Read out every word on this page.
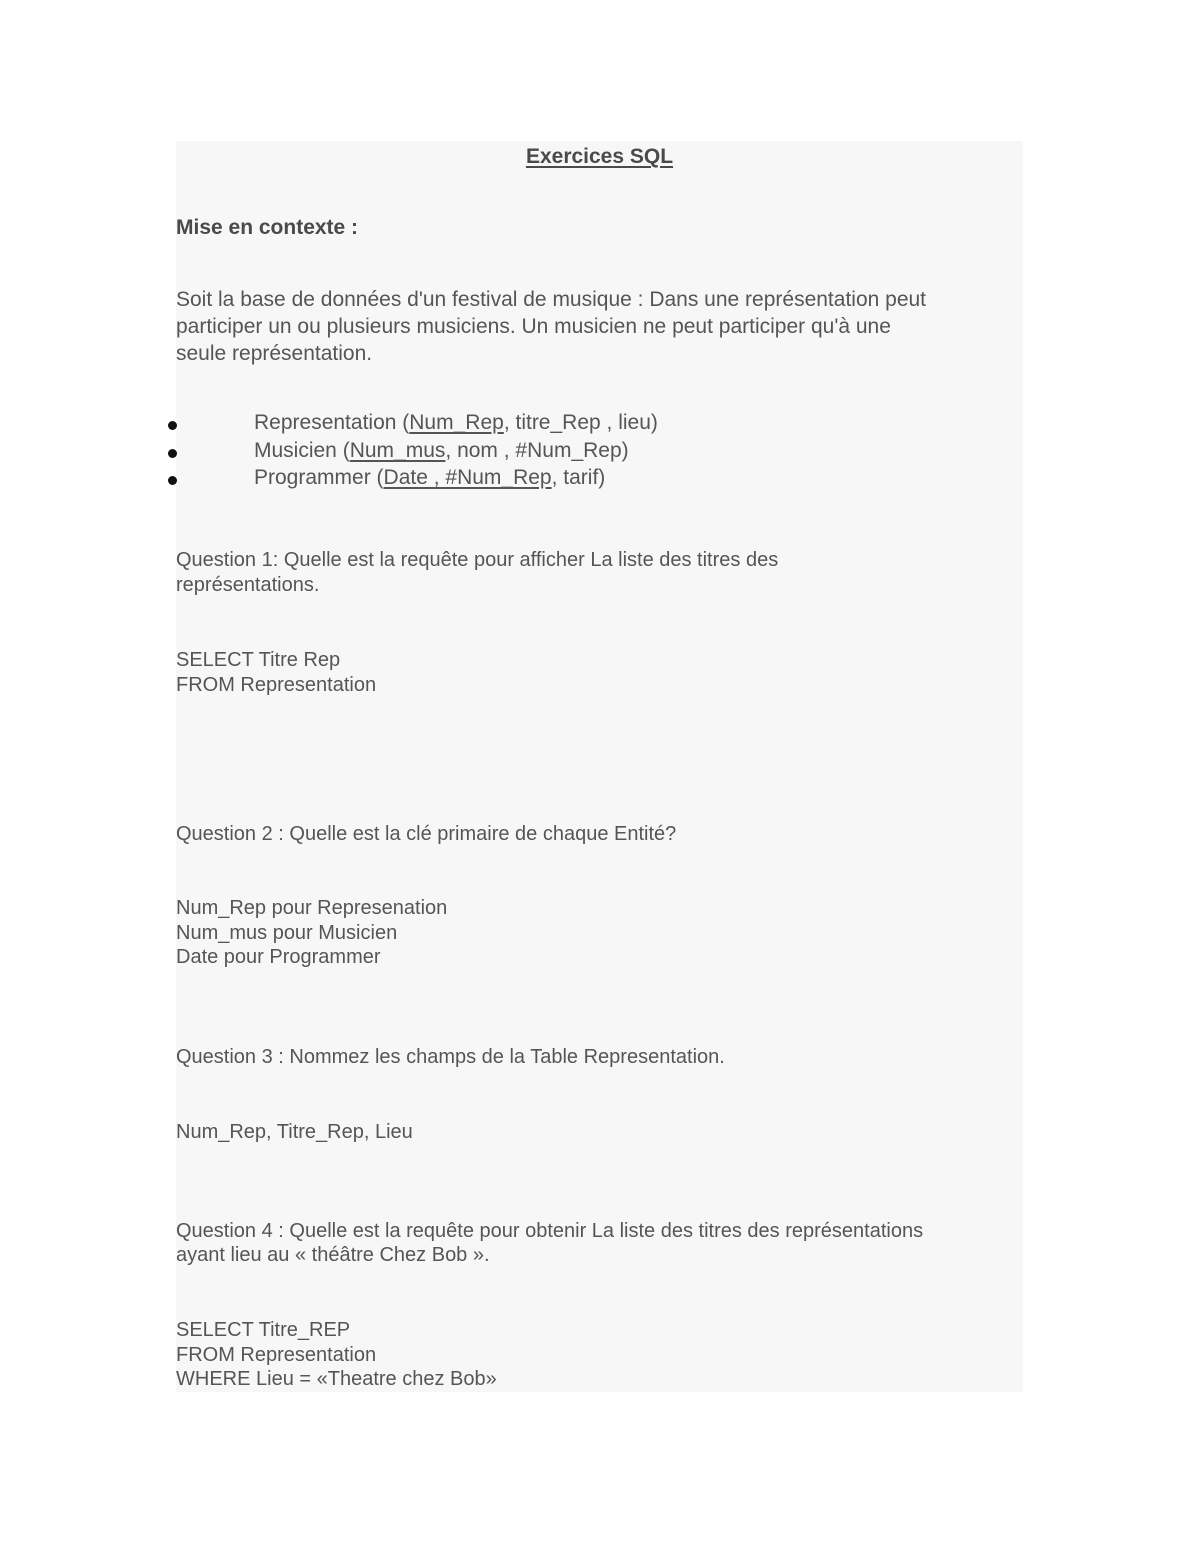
Exercices SQL
Mise en contexte :
Soit la base de données d'un festival de musique : Dans une représentation peut
participer un ou plusieurs musiciens. Un musicien ne peut participer qu'à une
seule représentation.
Representation (Num_Rep, titre_Rep , lieu)
Musicien (Num_mus, nom , #Num_Rep)
Programmer (Date , #Num_Rep, tarif)
Question 1: Quelle est la requête pour afficher La liste des titres des
représentations.
SELECT Titre Rep
FROM Representation
Question 2 : Quelle est la clé primaire de chaque Entité?
Num_Rep pour Represenation
Num_mus pour Musicien
Date pour Programmer
Question 3 : Nommez les champs de la Table Representation.
Num_Rep, Titre_Rep, Lieu
Question 4 : Quelle est la requête pour obtenir La liste des titres des représentations
ayant lieu au « théâtre Chez Bob ».
SELECT Titre_REP
FROM Representation
WHERE Lieu = «Theatre chez Bob»
